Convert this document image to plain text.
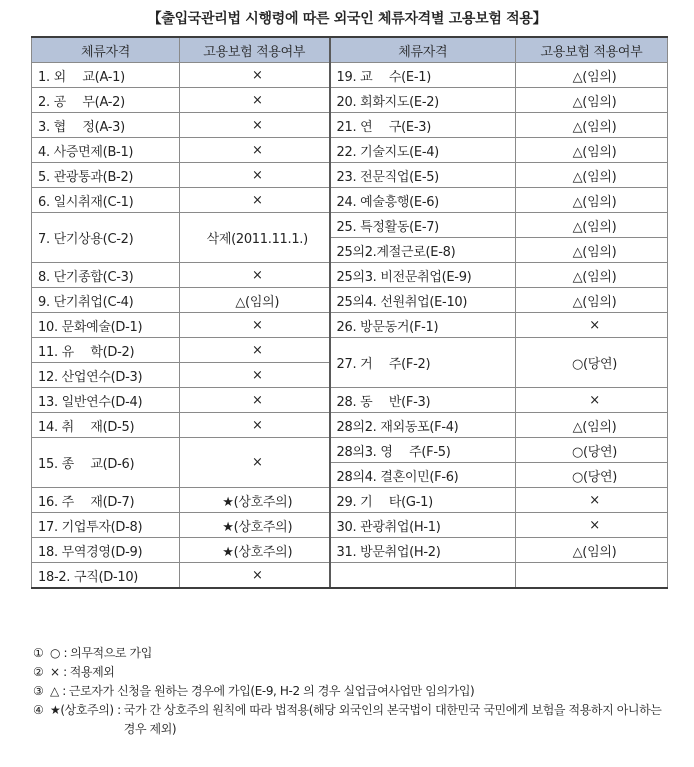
【출입국관리법 시행령에 따른 외국인 체류자격별 고용보험 적용】
체류자격	고용보험 적용여부	체류자격	고용보험 적용여부
1. 외　 교(A-1)	×	19. 교　 수(E-1)	△(임의)
2. 공　 무(A-2)	×	20. 회화지도(E-2)	△(임의)
3. 협　 정(A-3)	×	21. 연　 구(E-3)	△(임의)
4. 사증면제(B-1)	×	22. 기술지도(E-4)	△(임의)
5. 관광통과(B-2)	×	23. 전문직업(E-5)	△(임의)
6. 일시취재(C-1)	×	24. 예술흥행(E-6)	△(임의)
7. 단기상용(C-2)	삭제(2011.11.1.)	25. 특정활동(E-7)	△(임의)
		25의2.계절근로(E-8)	△(임의)
8. 단기종합(C-3)	×	25의3. 비전문취업(E-9)	△(임의)
9. 단기취업(C-4)	△(임의)	25의4. 선원취업(E-10)	△(임의)
10. 문화예술(D-1)	×	26. 방문동거(F-1)	×
11. 유　 학(D-2)	×	27. 거　 주(F-2)	○(당연)
12. 산업연수(D-3)	×		
13. 일반연수(D-4)	×	28. 동　 반(F-3)	×
14. 취　 재(D-5)	×	28의2. 재외동포(F-4)	△(임의)
15. 종　 교(D-6)	×	28의3. 영　 주(F-5)	○(당연)
		28의4. 결혼이민(F-6)	○(당연)
16. 주　 재(D-7)	★(상호주의)	29. 기　 타(G-1)	×
17. 기업투자(D-8)	★(상호주의)	30. 관광취업(H-1)	×
18. 무역경영(D-9)	★(상호주의)	31. 방문취업(H-2)	△(임의)
18-2. 구직(D-10)	×		
① ○ : 의무적으로 가입
② × : 적용제외
③ △ : 근로자가 신청을 원하는 경우에 가입(E-9, H-2 의 경우 실업급여사업만 임의가입)
④ ★(상호주의) : 국가 간 상호주의 원칙에 따라 법적용(해당 외국인의 본국법이 대한민국 국민에게 보험을 적용하지 아니하는 경우 제외)
